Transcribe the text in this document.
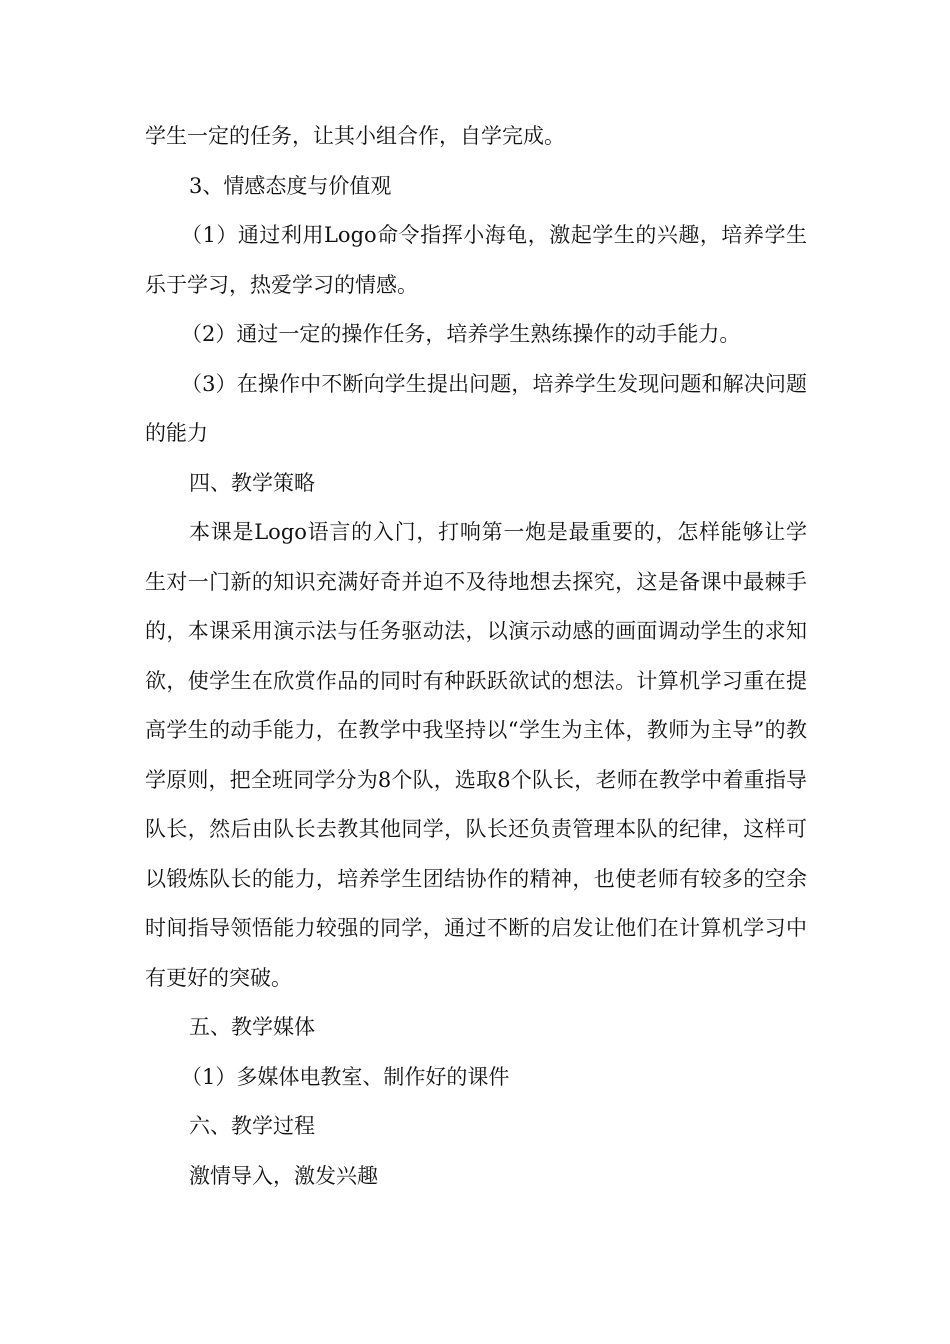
学生一定的任务，让其小组合作，自学完成。

3、情感态度与价值观

（1）通过利用Logo命令指挥小海龟，激起学生的兴趣，培养学生乐于学习，热爱学习的情感。

（2）通过一定的操作任务，培养学生熟练操作的动手能力。

（3）在操作中不断向学生提出问题，培养学生发现问题和解决问题的能力

四、教学策略

本课是Logo语言的入门，打响第一炮是最重要的，怎样能够让学生对一门新的知识充满好奇并迫不及待地想去探究，这是备课中最棘手的，本课采用演示法与任务驱动法，以演示动感的画面调动学生的求知欲，使学生在欣赏作品的同时有种跃跃欲试的想法。计算机学习重在提高学生的动手能力，在教学中我坚持以“学生为主体，教师为主导”的教学原则，把全班同学分为8个队，选取8个队长，老师在教学中着重指导队长，然后由队长去教其他同学，队长还负责管理本队的纪律，这样可以锻炼队长的能力，培养学生团结协作的精神，也使老师有较多的空余时间指导领悟能力较强的同学，通过不断的启发让他们在计算机学习中有更好的突破。

五、教学媒体

（1）多媒体电教室、制作好的课件

六、教学过程

激情导入，激发兴趣
